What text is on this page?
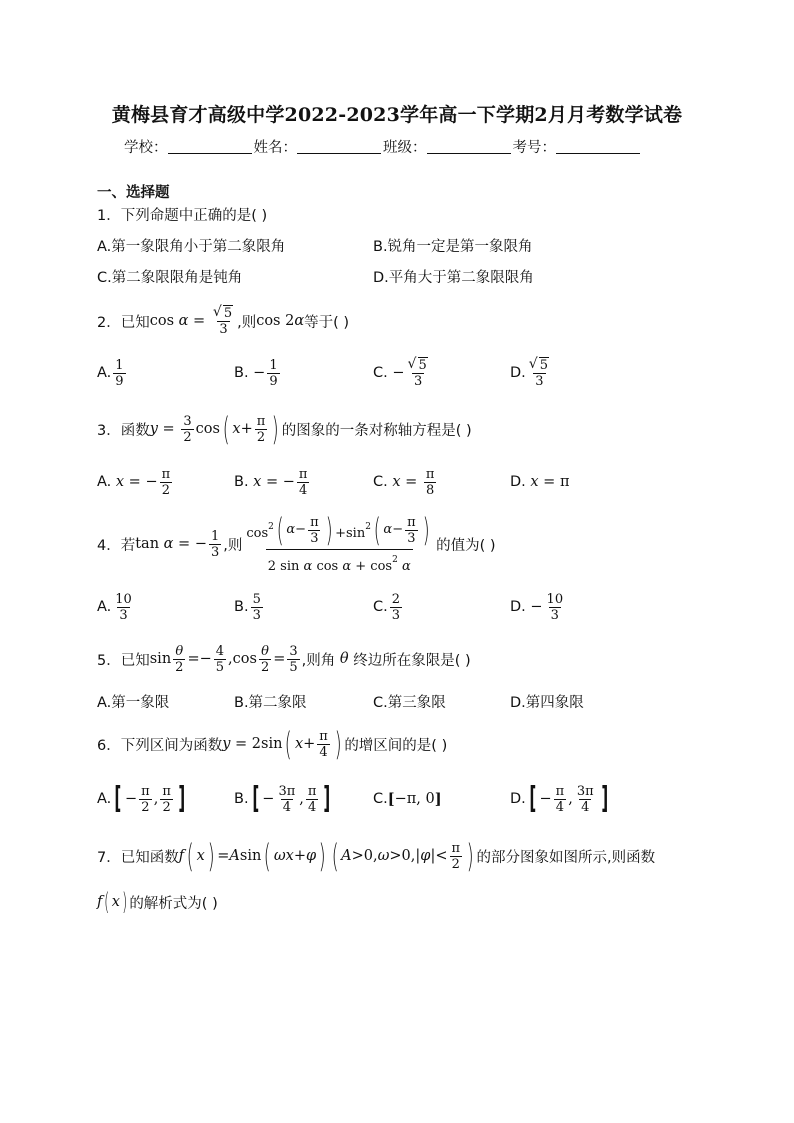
黄梅县育才高级中学2022-2023学年高一下学期2月月考数学试卷
学校：	姓名：	班级：	考号：
一、选择题
1．下列命题中正确的是( )
A.第一象限角小于第二象限角	B.锐角一定是第一象限角
C.第二象限限角是钝角	D.平角大于第二象限限角
2．已知 cos α = √ $\frac{5}{3}$ ,则 cos 2 α 等于( )
A. $\frac{1}{9}$	B. − $\frac{1}{9}$	C. − √ $\frac{5}{3}$	D. √ $\frac{5}{3}$
3．函数 $y = \frac{3}{2}$ cos ( $x + \frac{\pi}{2}$ ) 的图象的一条对称轴方程是( )
A. x = − $\frac{\pi}{2}$	B. x = − $\frac{\pi}{4}$	C. $x = \frac{\pi}{8}$	D. x = π
4．若 tan α = − $\frac{1}{3}$ ,则 $\frac{\cos^2 ( \alpha - \frac{\pi}{3} ) +\sin^2 ( \alpha - \frac{\pi}{3} )}{2 \sin \alpha \cos \alpha + \cos^2 \alpha}$ 的值为( )
A. $\frac{10}{3}$	B. $\frac{5}{3}$	C. $\frac{2}{3}$	D. − $\frac{10}{3}$
5．已知 $\sin \frac{\theta}{2} =- \frac{4}{5} ,\cos \frac{\theta}{2} = \frac{3}{5}$ ,则角 θ 终边所在象限是( )
A.第一象限	B.第二象限	C.第三象限	D.第四象限
6．下列区间为函数 y = 2sin ( $x + \frac{\pi}{4}$ ) 的增区间的是( )
A. [ − $\frac{\pi}{2}$ , $\frac{\pi}{2}$ ]	B. [ − $\frac{3\pi}{4}$ , $\frac{\pi}{4}$ ]	C. [ −π, 0 ]	D. [ − $\frac{\pi}{4}$ , $\frac{3\pi}{4}$ ]
7．已知函数 f ( x ) = A sin ( ωx + φ ) ( A >0, ω >0,| φ |< $\frac{\pi}{2}$ ) 的部分图象如图所示,则函数
f ( x ) 的解析式为( )
